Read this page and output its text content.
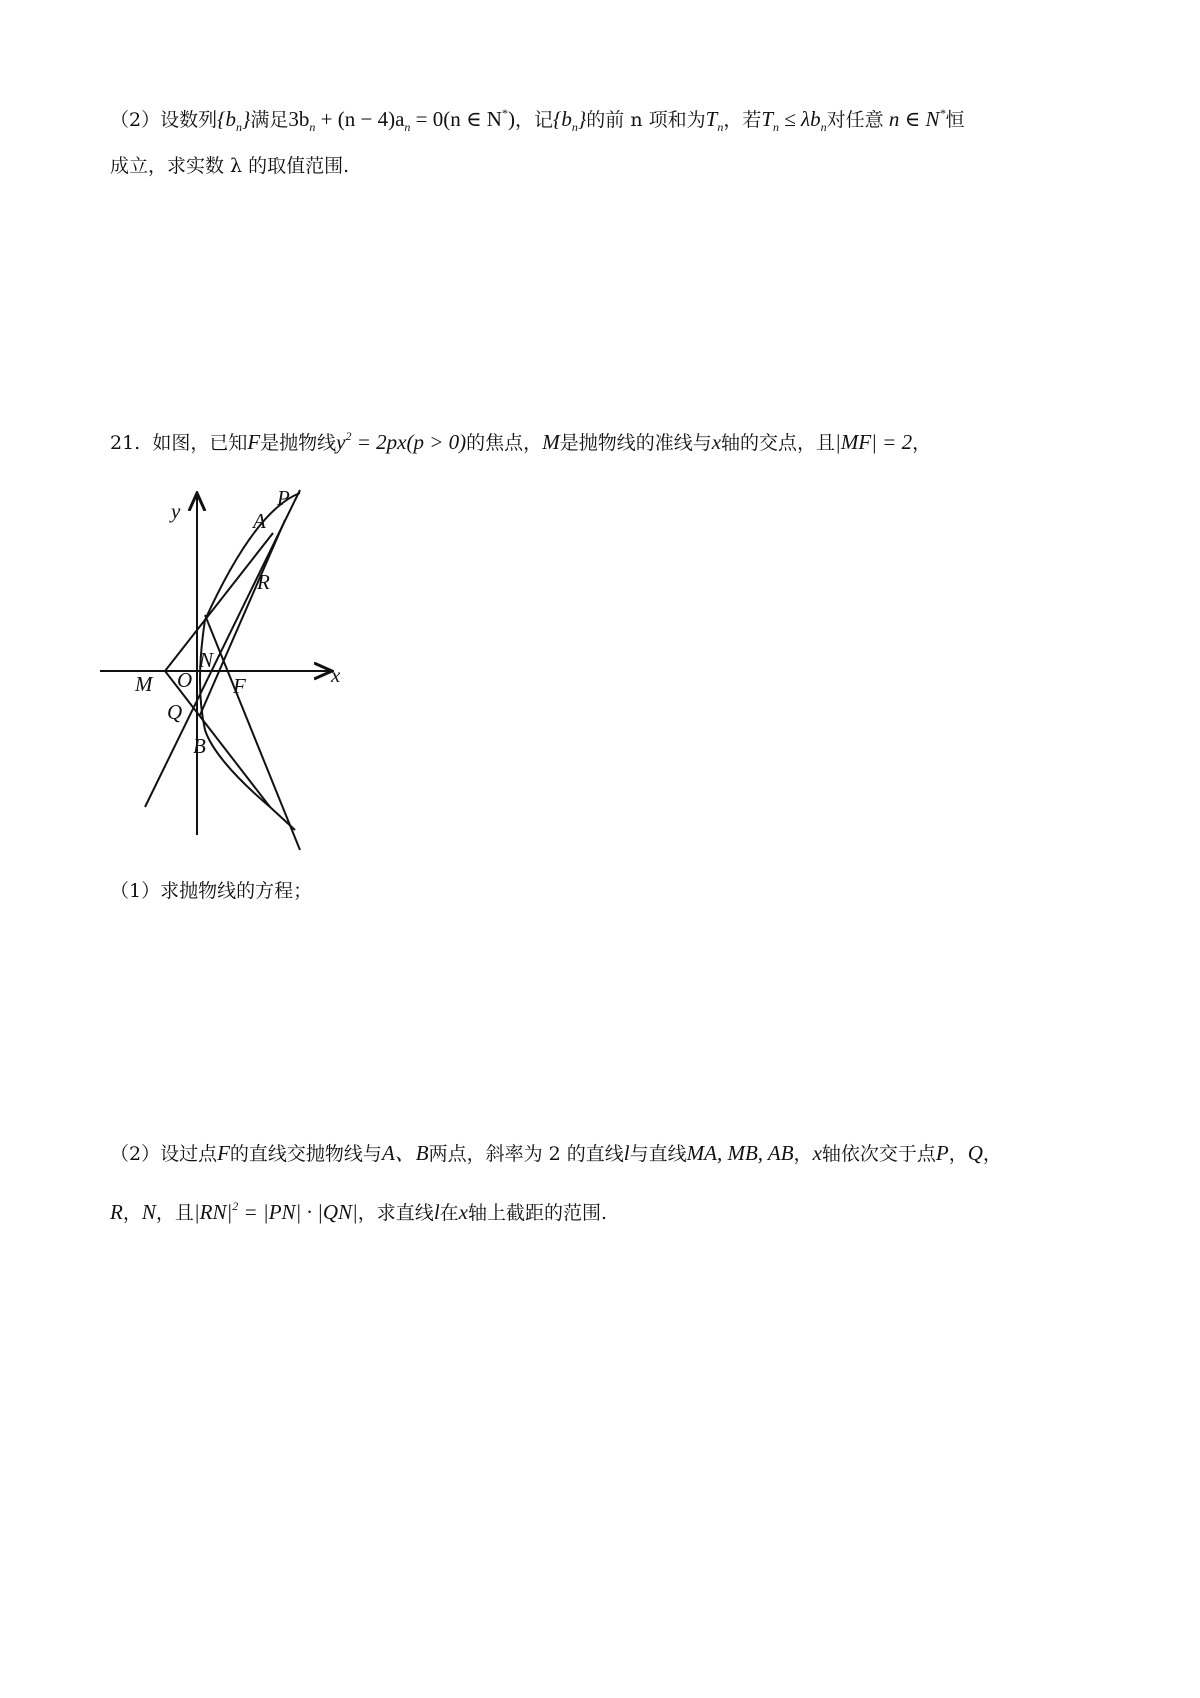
（2）设数列$\{b_n\}$满足$3b_n + (n - 4)a_n = 0(n$ ∈ N*)，记$\{b_n\}$的前 n 项和为$T_n$，若$T_n \le \lambda b_n$对任意 n ∈ N*恒
成立，求实数 λ 的取值范围.
21. 如图，已知F是抛物线$y^2 = 2px(p > 0)$的焦点，M是抛物线的准线与x轴的交点，且|MF| = 2，
P
A
R
y
N
M O F	x
Q
B
（1）求抛物线的方程；
（2）设过点F的直线交抛物线与A、B两点，斜率为 2 的直线l与直线MA, MB, AB，x轴依次交于点P，Q，
R，N，且$|RN|^2 = |PN| \cdot |QN|$，求直线l在x轴上截距的范围.
